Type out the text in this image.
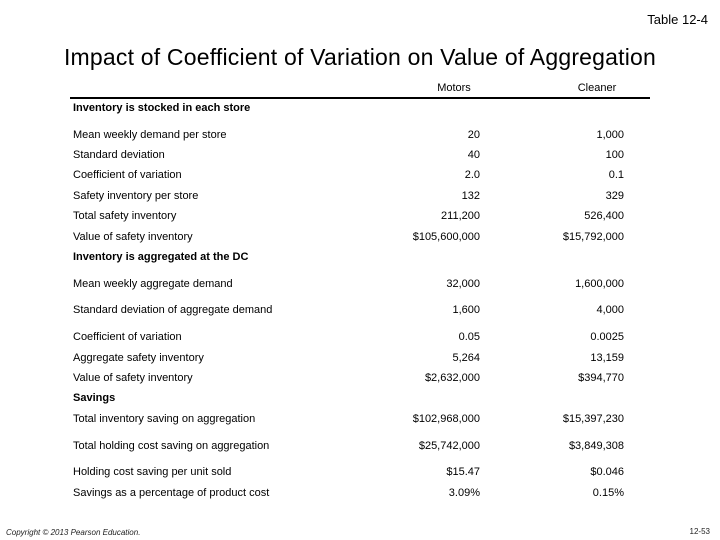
Table 12-4
Impact of Coefficient of Variation on Value of Aggregation
Motors	Cleaner
Inventory is stocked in each store
Mean weekly demand per store	20	1,000
Standard deviation	40	100
Coefficient of variation	2.0	0.1
Safety inventory per store	132	329
Total safety inventory	211,200	526,400
Value of safety inventory	$105,600,000	$15,792,000
Inventory is aggregated at the DC
Mean weekly aggregate demand	32,000	1,600,000
Standard deviation of aggregate demand	1,600	4,000
Coefficient of variation	0.05	0.0025
Aggregate safety inventory	5,264	13,159
Value of safety inventory	$2,632,000	$394,770
Savings
Total inventory saving on aggregation	$102,968,000	$15,397,230
Total holding cost saving on aggregation	$25,742,000	$3,849,308
Holding cost saving per unit sold	$15.47	$0.046
Savings as a percentage of product cost	3.09%	0.15%
Copyright © 2013 Pearson Education.	12-53
